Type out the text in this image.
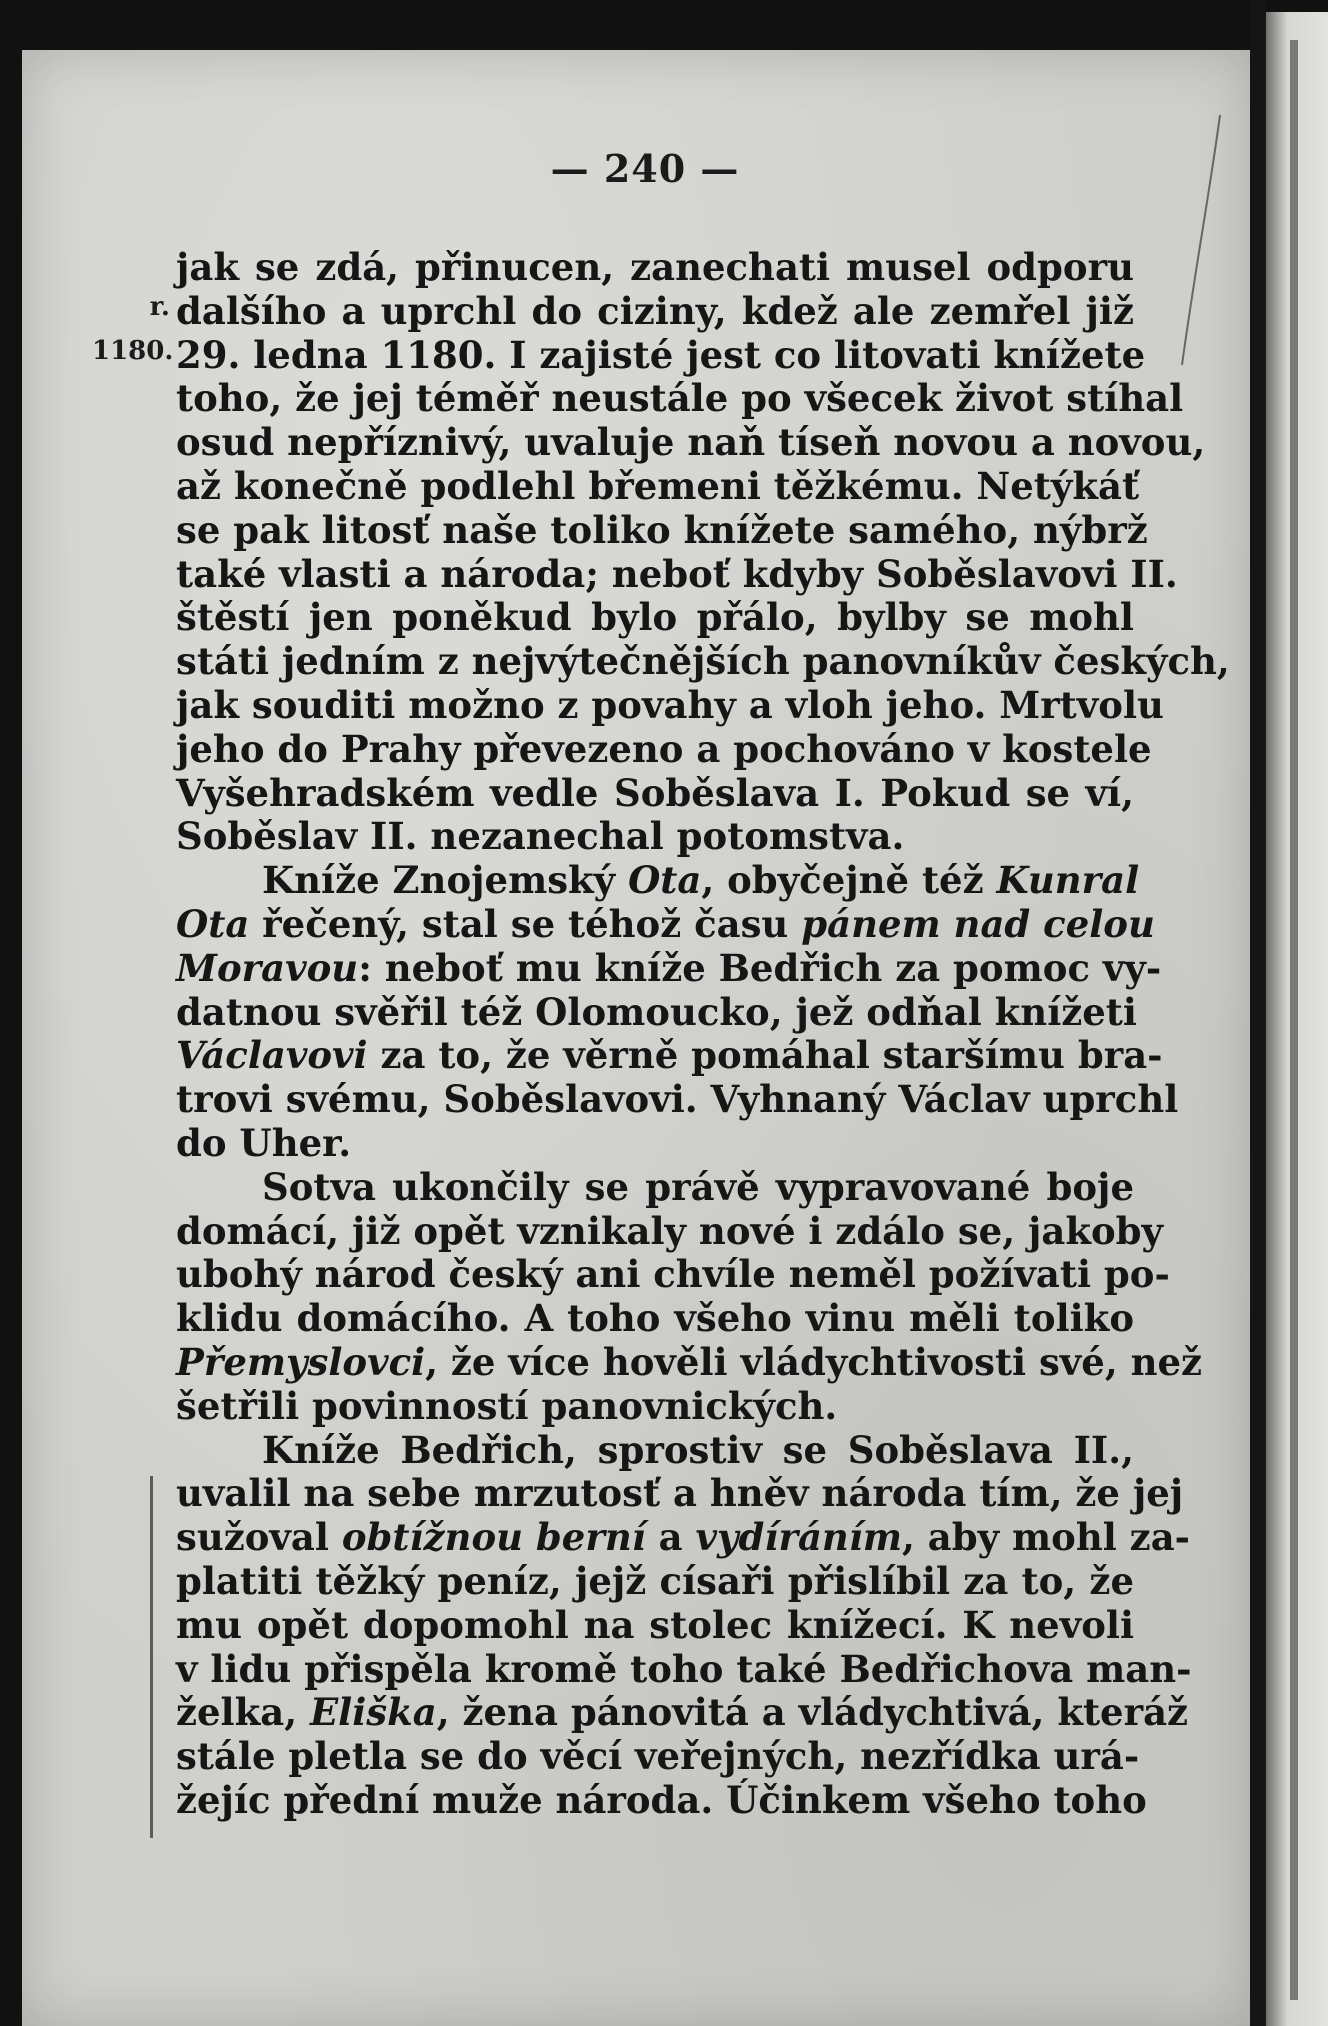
— 240 —
r.
1180.
jak se zdá, přinucen, zanechati musel odporu
dalšího a uprchl do ciziny, kdež ale zemřel již
29. ledna 1180. I zajisté jest co litovati knížete
toho, že jej téměř neustále po všecek život stíhal
osud nepříznivý, uvaluje naň tíseň novou a novou,
až konečně podlehl břemeni těžkému. Netýkáť
se pak litosť naše toliko knížete samého, nýbrž
také vlasti a národa; neboť kdyby Soběslavovi II.
štěstí jen poněkud bylo přálo, bylby se mohl
státi jedním z nejvýtečnějších panovníkův českých,
jak souditi možno z povahy a vloh jeho. Mrtvolu
jeho do Prahy převezeno a pochováno v kostele
Vyšehradském vedle Soběslava I. Pokud se ví,
Soběslav II. nezanechal potomstva.
Kníže Znojemský Ota, obyčejně též Kunral
Ota řečený, stal se téhož času pánem nad celou
Moravou: neboť mu kníže Bedřich za pomoc vy-
datnou svěřil též Olomoucko, jež odňal knížeti
Václavovi za to, že věrně pomáhal staršímu bra-
trovi svému, Soběslavovi. Vyhnaný Václav uprchl
do Uher.
Sotva ukončily se právě vypravované boje
domácí, již opět vznikaly nové i zdálo se, jakoby
ubohý národ český ani chvíle neměl požívati po-
klidu domácího. A toho všeho vinu měli toliko
Přemyslovci, že více hověli vládychtivosti své, než
šetřili povinností panovnických.
Kníže Bedřich, sprostiv se Soběslava II.,
uvalil na sebe mrzutosť a hněv národa tím, že jej
sužoval obtížnou berní a vydíráním, aby mohl za-
platiti těžký peníz, jejž císaři přislíbil za to, že
mu opět dopomohl na stolec knížecí. K nevoli
v lidu přispěla kromě toho také Bedřichova man-
želka, Eliška, žena pánovitá a vládychtivá, kteráž
stále pletla se do věcí veřejných, nezřídka urá-
žejíc přední muže národa. Účinkem všeho toho
